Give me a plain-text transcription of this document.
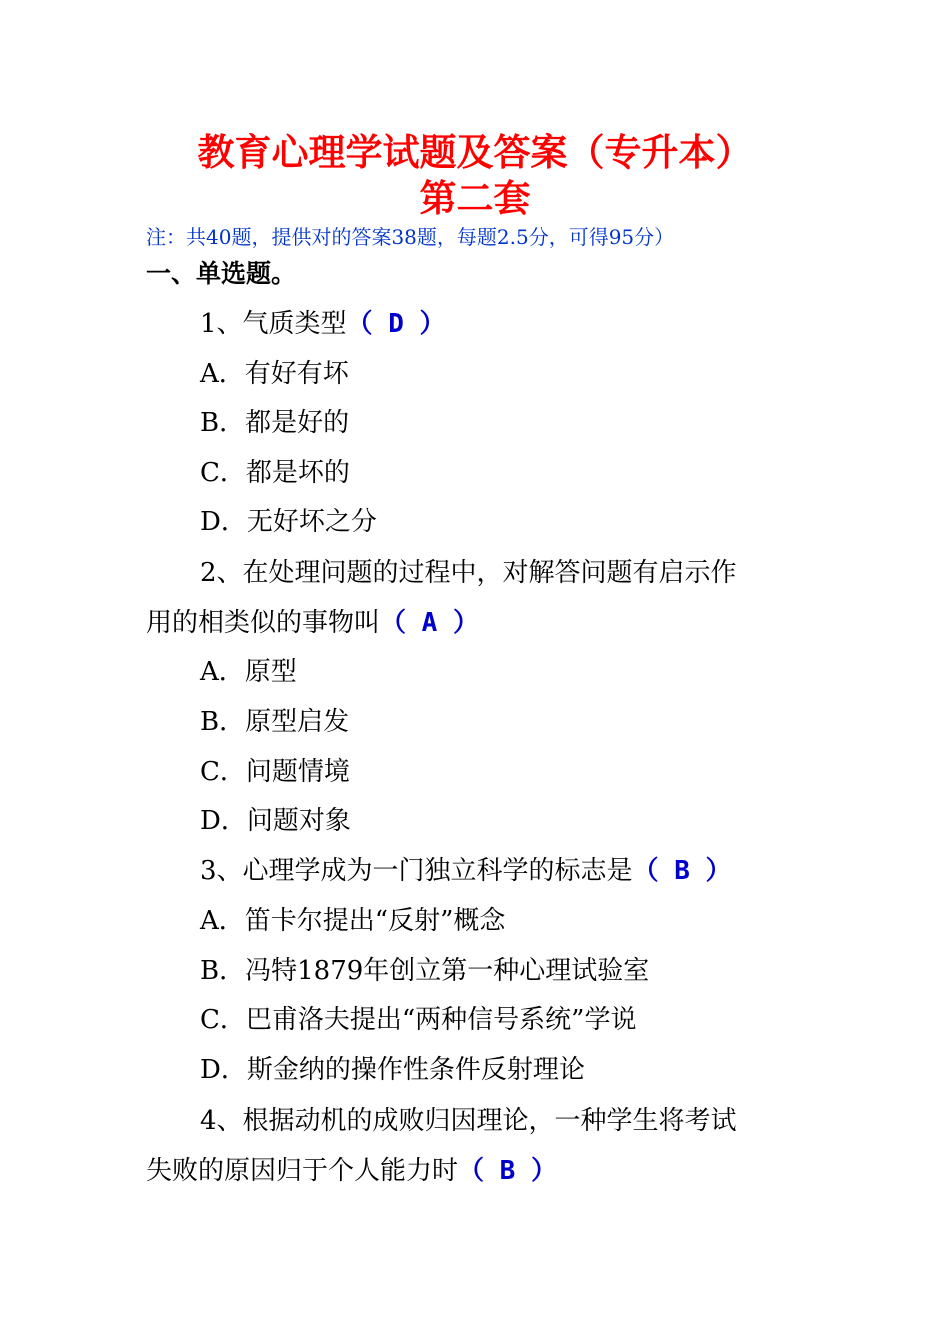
教育心理学试题及答案（专升本）
第二套
注：共40题，提供对的答案38题，每题2.5分，可得95分）
一、单选题。
1、气质类型（ D ）
A．有好有坏
B．都是好的
C．都是坏的
D．无好坏之分
2、在处理问题的过程中，对解答问题有启示作
用的相类似的事物叫（ A ）
A．原型
B．原型启发
C．问题情境
D．问题对象
3、心理学成为一门独立科学的标志是（ B ）
A．笛卡尔提出“反射”概念
B．冯特1879年创立第一种心理试验室
C．巴甫洛夫提出“两种信号系统”学说
D．斯金纳的操作性条件反射理论
4、根据动机的成败归因理论，一种学生将考试
失败的原因归于个人能力时（ B ）
